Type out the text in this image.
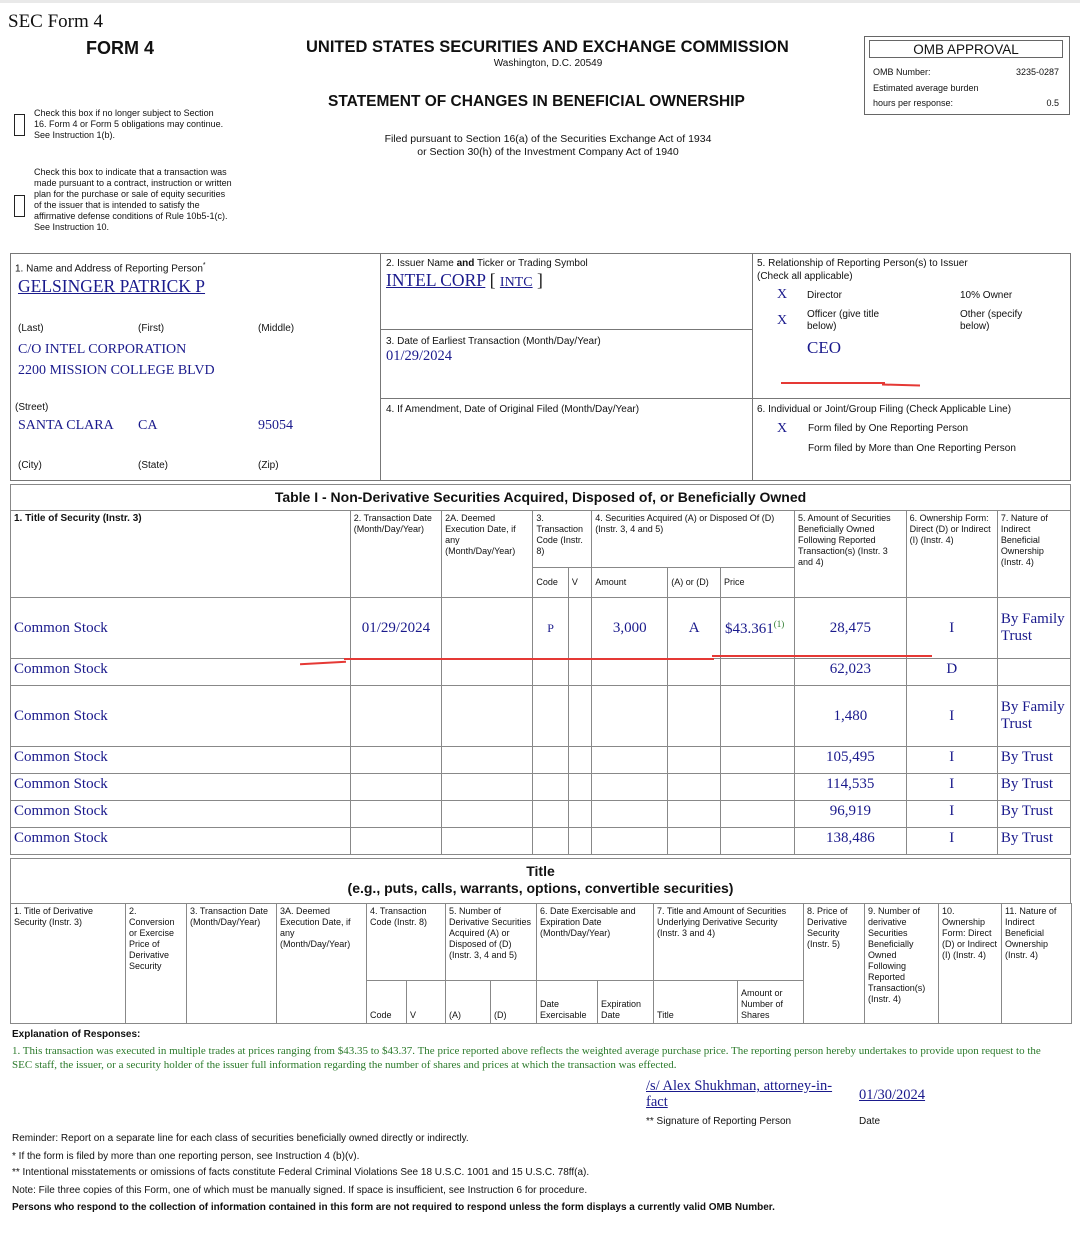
SEC Form 4
FORM 4	UNITED STATES SECURITIES AND EXCHANGE COMMISSION
Washington, D.C. 20549
STATEMENT OF CHANGES IN BENEFICIAL OWNERSHIP
Filed pursuant to Section 16(a) of the Securities Exchange Act of 1934
or Section 30(h) of the Investment Company Act of 1940
OMB APPROVAL
OMB Number:	3235-0287
Estimated average burden
hours per response:	0.5
Check this box if no longer subject to Section 16. Form 4 or Form 5 obligations may continue. See Instruction 1(b).
Check this box to indicate that a transaction was made pursuant to a contract, instruction or written plan for the purchase or sale of equity securities of the issuer that is intended to satisfy the affirmative defense conditions of Rule 10b5-1(c). See Instruction 10.
1. Name and Address of Reporting Person*
GELSINGER PATRICK P
(Last)	(First)	(Middle)
C/O INTEL CORPORATION
2200 MISSION COLLEGE BLVD
(Street)
SANTA CLARA CA	95054
(City)	(State)	(Zip)
2. Issuer Name and Ticker or Trading Symbol
INTEL CORP [ INTC ]
3. Date of Earliest Transaction (Month/Day/Year)
01/29/2024
4. If Amendment, Date of Original Filed (Month/Day/Year)
5. Relationship of Reporting Person(s) to Issuer
(Check all applicable)
X Director	10% Owner
X Officer (give title below)
Other (specify below)
CEO
6. Individual or Joint/Group Filing (Check Applicable Line)
X Form filed by One Reporting Person
Form filed by More than One Reporting Person
Table I - Non-Derivative Securities Acquired, Disposed of, or Beneficially Owned
1. Title of Security (Instr. 3)	2. Transaction Date (Month/Day/Year)	2A. Deemed Execution Date, if any (Month/Day/Year)	3. Transaction Code (Instr. 8)		4. Securities Acquired (A) or Disposed Of (D) (Instr. 3, 4 and 5)			5. Amount of Securities Beneficially Owned Following Reported Transaction(s) (Instr. 3 and 4)	6. Ownership Form: Direct (D) or Indirect (I) (Instr. 4)	7. Nature of Indirect Beneficial Ownership (Instr. 4)
			Code	V	Amount	(A) or (D)	Price			
Common Stock	01/29/2024		P		3,000	A	$43.361$^{(1)}$	28,475	I	By Family Trust
Common Stock								62,023	D	
Common Stock								1,480	I	By Family Trust
Common Stock								105,495	I	By Trust
Common Stock								114,535	I	By Trust
Common Stock								96,919	I	By Trust
Common Stock								138,486	I	By Trust
Title
(e.g., puts, calls, warrants, options, convertible securities)
1. Title of Derivative Security (Instr. 3)	2. Conversion or Exercise Price of Derivative Security	3. Transaction Date (Month/Day/Year)	3A. Deemed Execution Date, if any (Month/Day/Year)	4. Transaction Code (Instr. 8)		5. Number of Derivative Securities Acquired (A) or Disposed of (D) (Instr. 3, 4 and 5)		6. Date Exercisable and Expiration Date (Month/Day/Year)		7. Title and Amount of Securities Underlying Derivative Security (Instr. 3 and 4)		8. Price of Derivative Security (Instr. 5)	9. Number of derivative Securities Beneficially Owned Following Reported Transaction(s) (Instr. 4)	10. Ownership Form: Direct (D) or Indirect (I) (Instr. 4)	11. Nature of Indirect Beneficial Ownership (Instr. 4)
				Code	V	(A)	(D)	Date Exercisable	Expiration Date	Title	Amount or Number of Shares				
Explanation of Responses:
1. This transaction was executed in multiple trades at prices ranging from $43.35 to $43.37. The price reported above reflects the weighted average purchase price. The reporting person hereby undertakes to provide upon request to the SEC staff, the issuer, or a security holder of the issuer full information regarding the number of shares and prices at which the transaction was effected.
/s/ Alex Shukhman, attorney-in-fact	01/30/2024
** Signature of Reporting Person	Date
Reminder: Report on a separate line for each class of securities beneficially owned directly or indirectly.
* If the form is filed by more than one reporting person, see Instruction 4 (b)(v).
** Intentional misstatements or omissions of facts constitute Federal Criminal Violations See 18 U.S.C. 1001 and 15 U.S.C. 78ff(a).
Note: File three copies of this Form, one of which must be manually signed. If space is insufficient, see Instruction 6 for procedure.
Persons who respond to the collection of information contained in this form are not required to respond unless the form displays a currently valid OMB Number.
